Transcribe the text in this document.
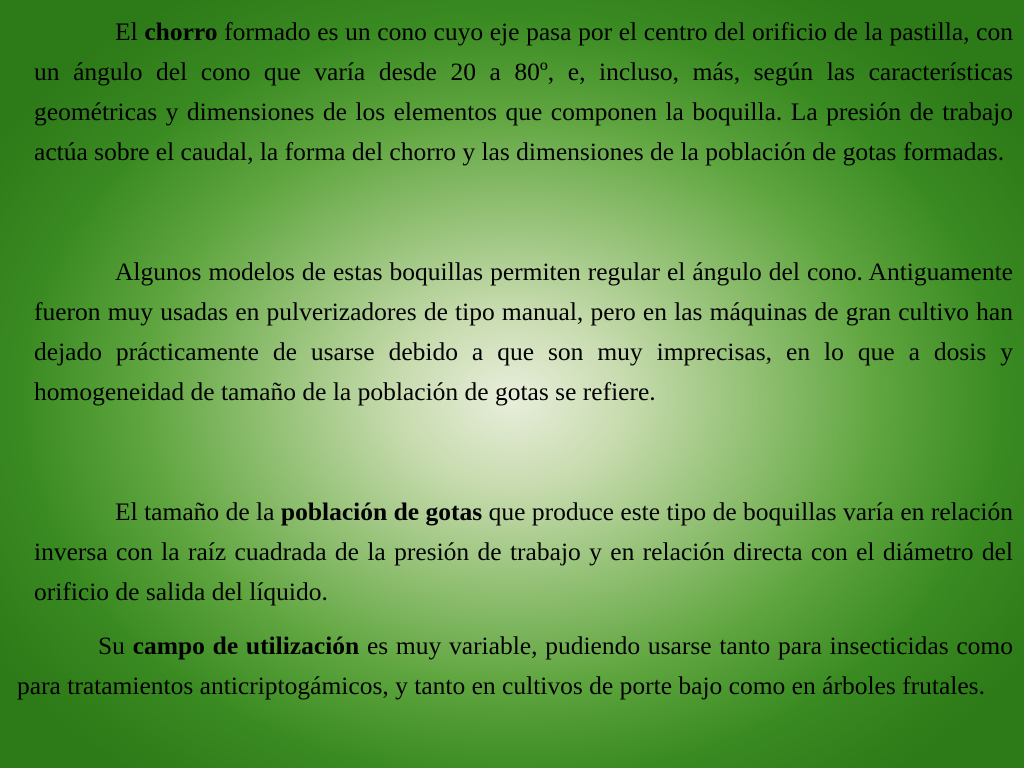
El chorro formado es un cono cuyo eje pasa por el centro del orificio de la pastilla, con un ángulo del cono que varía desde 20 a 80º, e, incluso, más, según las características geométricas y dimensiones de los elementos que componen la boquilla. La presión de trabajo actúa sobre el caudal, la forma del chorro y las dimensiones de la población de gotas formadas.

Algunos modelos de estas boquillas permiten regular el ángulo del cono. Antiguamente fueron muy usadas en pulverizadores de tipo manual, pero en las máquinas de gran cultivo han dejado prácticamente de usarse debido a que son muy imprecisas, en lo que a dosis y homogeneidad de tamaño de la población de gotas se refiere.

El tamaño de la población de gotas que produce este tipo de boquillas varía en relación inversa con la raíz cuadrada de la presión de trabajo y en relación directa con el diámetro del orificio de salida del líquido.

Su campo de utilización es muy variable, pudiendo usarse tanto para insecticidas como para tratamientos anticriptogámicos, y tanto en cultivos de porte bajo como en árboles frutales.
